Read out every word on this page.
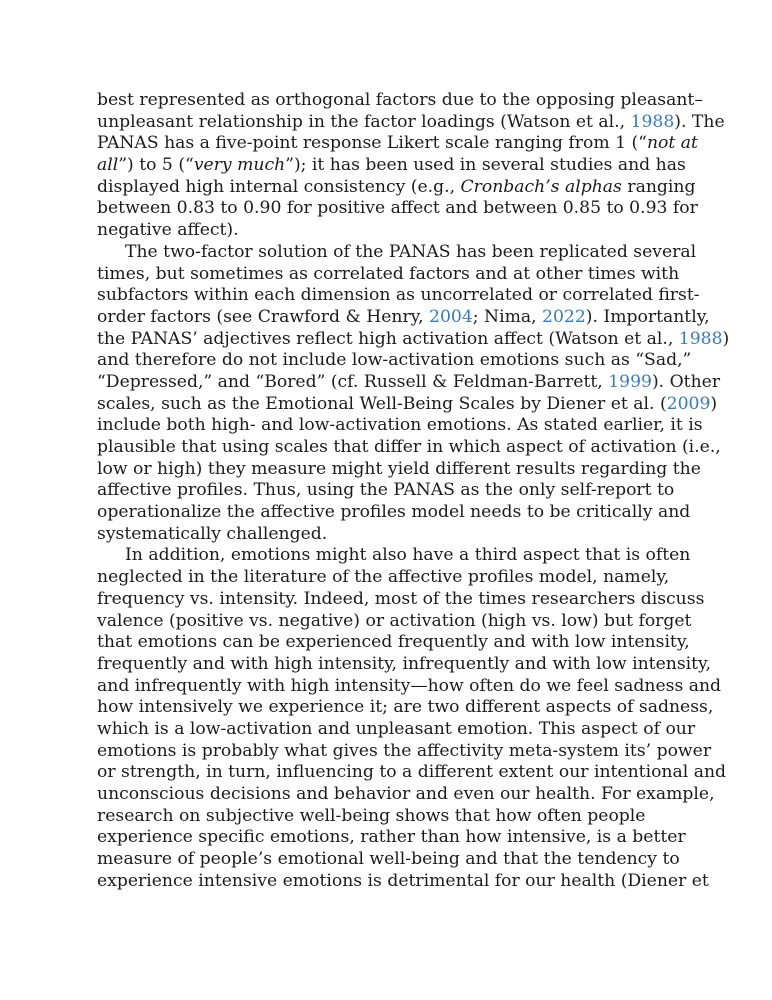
best represented as orthogonal factors due to the opposing pleasant–
unpleasant relationship in the factor loadings (Watson et al., 1988). The
PANAS has a five-point response Likert scale ranging from 1 (“not at
all”) to 5 (“very much”); it has been used in several studies and has
displayed high internal consistency (e.g., Cronbach’s alphas ranging
between 0.83 to 0.90 for positive affect and between 0.85 to 0.93 for
negative affect).
The two-factor solution of the PANAS has been replicated several
times, but sometimes as correlated factors and at other times with
subfactors within each dimension as uncorrelated or correlated first-
order factors (see Crawford & Henry, 2004; Nima, 2022). Importantly,
the PANAS’ adjectives reflect high activation affect (Watson et al., 1988)
and therefore do not include low-activation emotions such as “Sad,”
“Depressed,” and “Bored” (cf. Russell & Feldman-Barrett, 1999). Other
scales, such as the Emotional Well-Being Scales by Diener et al. (2009)
include both high- and low-activation emotions. As stated earlier, it is
plausible that using scales that differ in which aspect of activation (i.e.,
low or high) they measure might yield different results regarding the
affective profiles. Thus, using the PANAS as the only self-report to
operationalize the affective profiles model needs to be critically and
systematically challenged.
In addition, emotions might also have a third aspect that is often
neglected in the literature of the affective profiles model, namely,
frequency vs. intensity. Indeed, most of the times researchers discuss
valence (positive vs. negative) or activation (high vs. low) but forget
that emotions can be experienced frequently and with low intensity,
frequently and with high intensity, infrequently and with low intensity,
and infrequently with high intensity—how often do we feel sadness and
how intensively we experience it; are two different aspects of sadness,
which is a low-activation and unpleasant emotion. This aspect of our
emotions is probably what gives the affectivity meta-system its’ power
or strength, in turn, influencing to a different extent our intentional and
unconscious decisions and behavior and even our health. For example,
research on subjective well-being shows that how often people
experience specific emotions, rather than how intensive, is a better
measure of people’s emotional well-being and that the tendency to
experience intensive emotions is detrimental for our health (Diener et
